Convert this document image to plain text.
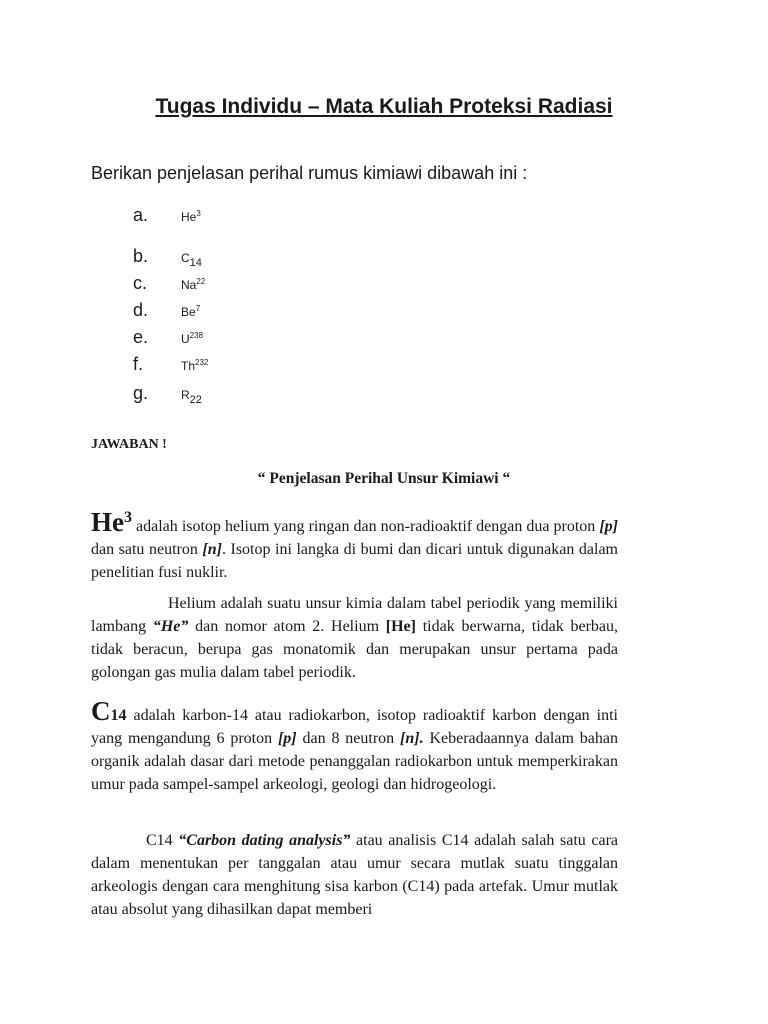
Tugas Individu – Mata Kuliah Proteksi Radiasi
Berikan penjelasan perihal rumus kimiawi dibawah ini :
a.	He$^3$
b.	C14
c.	Na$^{22}$
d.	Be$^7$
e.	$U^{238}$
f.	Th$^{232}$
g.	R22
JAWABAN !
“ Penjelasan Perihal Unsur Kimiawi “
He$^3$ adalah isotop helium yang ringan dan non-radioaktif dengan dua proton [p] dan satu neutron [n]. Isotop ini langka di bumi dan dicari untuk digunakan dalam penelitian fusi nuklir.
Helium adalah suatu unsur kimia dalam tabel periodik yang memiliki lambang “He” dan nomor atom 2. Helium [He] tidak berwarna, tidak berbau, tidak beracun, berupa gas monatomik dan merupakan unsur pertama pada golongan gas mulia dalam tabel periodik.
C14 adalah karbon-14 atau radiokarbon, isotop radioaktif karbon dengan inti yang mengandung 6 proton [p] dan 8 neutron [n]. Keberadaannya dalam bahan organik adalah dasar dari metode penanggalan radiokarbon untuk memperkirakan umur pada sampel-sampel arkeologi, geologi dan hidrogeologi.
C14 “Carbon dating analysis” atau analisis C14 adalah salah satu cara dalam menentukan per tanggalan atau umur secara mutlak suatu tinggalan arkeologis dengan cara menghitung sisa karbon (C14) pada artefak. Umur mutlak atau absolut yang dihasilkan dapat memberi
